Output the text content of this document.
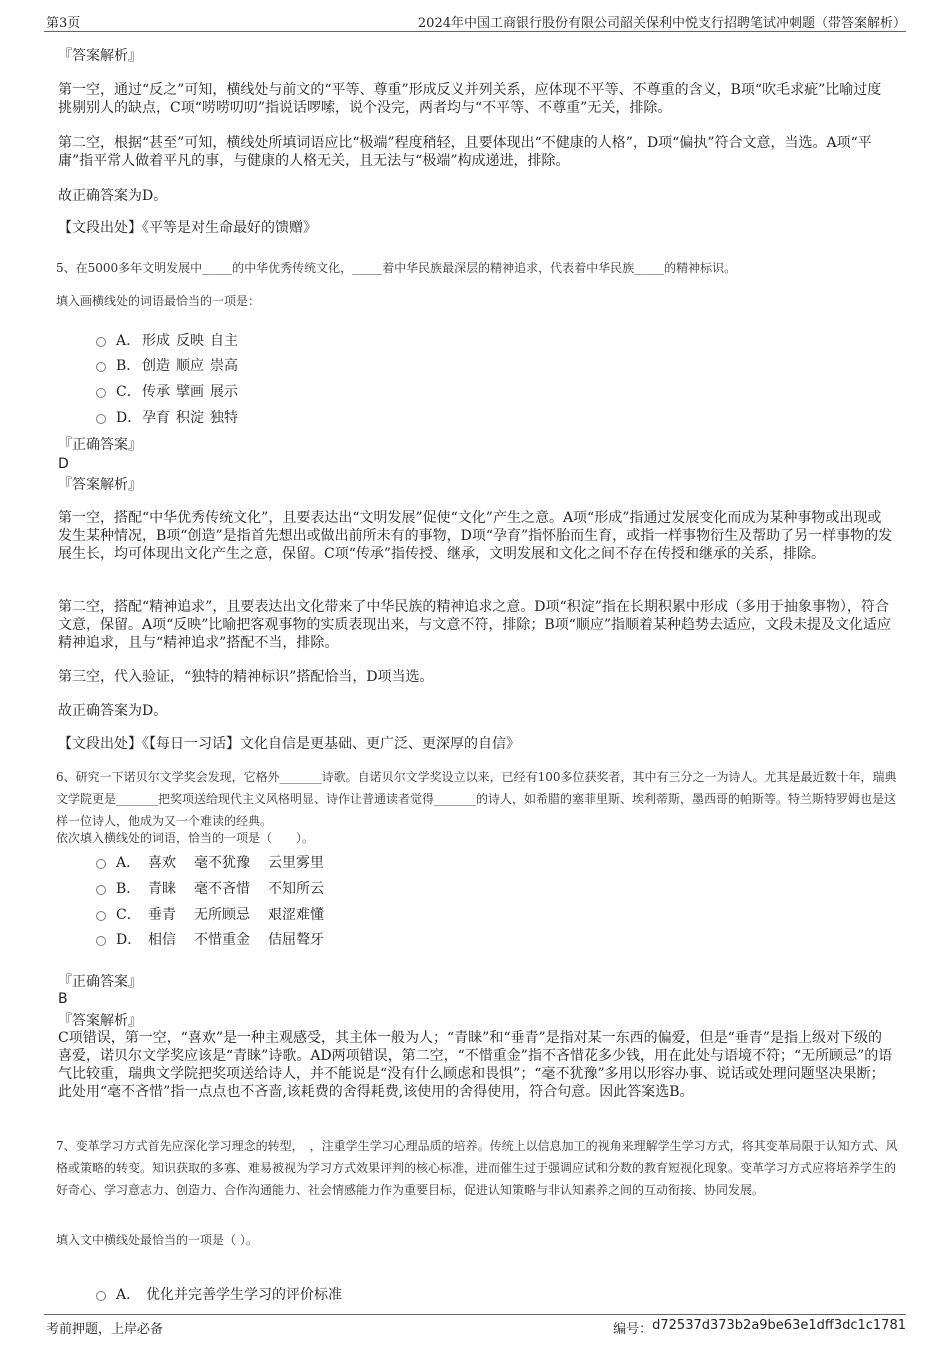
第3页	2024年中国工商银行股份有限公司韶关保利中悦支行招聘笔试冲刺题（带答案解析）
『答案解析』
第一空，通过“反之”可知，横线处与前文的“平等、尊重”形成反义并列关系，应体现不平等、不尊重的含义，B项“吹毛求疵”比喻过度挑剔别人的缺点，C项“唠唠叨叨”指说话啰嗦，说个没完，两者均与“不平等、不尊重”无关，排除。
第二空，根据“甚至”可知，横线处所填词语应比“极端”程度稍轻，且要体现出“不健康的人格”，D项“偏执”符合文意，当选。A项“平庸”指平常人做着平凡的事，与健康的人格无关，且无法与“极端”构成递进，排除。
故正确答案为D。
【文段出处】《平等是对生命最好的馈赠》
5、在5000多年文明发展中_____的中华优秀传统文化，_____着中华民族最深层的精神追求，代表着中华民族_____的精神标识。
填入画横线处的词语最恰当的一项是：
A． 形成 反映 自主
B． 创造 顺应 崇高
C． 传承 擘画 展示
D． 孕育 积淀 独特
『正确答案』
D
『答案解析』
第一空，搭配“中华优秀传统文化”，且要表达出“文明发展”促使“文化”产生之意。A项“形成”指通过发展变化而成为某种事物或出现或发生某种情况，B项“创造”是指首先想出或做出前所未有的事物，D项“孕育”指怀胎而生育，或指一样事物衍生及帮助了另一样事物的发展生长，均可体现出文化产生之意，保留。C项“传承”指传授、继承，文明发展和文化之间不存在传授和继承的关系，排除。
第二空，搭配“精神追求”，且要表达出文化带来了中华民族的精神追求之意。D项“积淀”指在长期积累中形成（多用于抽象事物），符合文意，保留。A项“反映”比喻把客观事物的实质表现出来，与文意不符，排除；B项“顺应”指顺着某种趋势去适应，文段未提及文化适应精神追求，且与“精神追求”搭配不当，排除。
第三空，代入验证，“独特的精神标识”搭配恰当，D项当选。
故正确答案为D。
【文段出处】《【每日一习话】文化自信是更基础、更广泛、更深厚的自信》
6、研究一下诺贝尔文学奖会发现，它格外_______诗歌。自诺贝尔文学奖设立以来，已经有100多位获奖者，其中有三分之一为诗人。尤其是最近数十年，瑞典文学院更是_______把奖项送给现代主义风格明显、诗作让普通读者觉得_______的诗人，如希腊的塞菲里斯、埃利蒂斯，墨西哥的帕斯等。特兰斯特罗姆也是这样一位诗人，他成为又一个难读的经典。
依次填入横线处的词语，恰当的一项是（　　）。
A． 喜欢 毫不犹豫 云里雾里
B． 青睐 毫不吝惜 不知所云
C． 垂青 无所顾忌 艰涩难懂
D． 相信 不惜重金 佶屈聱牙
『正确答案』
B
『答案解析』
C项错误，第一空，“喜欢”是一种主观感受，其主体一般为人；“青睐”和“垂青”是指对某一东西的偏爱，但是“垂青”是指上级对下级的喜爱，诺贝尔文学奖应该是“青睐”诗歌。AD两项错误，第二空，“不惜重金”指不吝惜花多少钱，用在此处与语境不符；“无所顾忌”的语气比较重，瑞典文学院把奖项送给诗人，并不能说是“没有什么顾虑和畏惧”；“毫不犹豫”多用以形容办事、说话或处理问题坚决果断；此处用“毫不吝惜”指一点点也不吝啬,该耗费的舍得耗费,该使用的舍得使用，符合句意。因此答案选B。
7、变革学习方式首先应深化学习理念的转型，　，注重学生学习心理品质的培养。传统上以信息加工的视角来理解学生学习方式，将其变革局限于认知方式、风格或策略的转变。知识获取的多寡、难易被视为学习方式效果评判的核心标准，进而催生过于强调应试和分数的教育短视化现象。变革学习方式应将培养学生的好奇心、学习意志力、创造力、合作沟通能力、社会情感能力作为重要目标，促进认知策略与非认知素养之间的互动衔接、协同发展。
填入文中横线处最恰当的一项是（ ）。
A． 优化并完善学生学习的评价标准
考前押题，上岸必备	编号： d72537d373b2a9be63e1dff3dc1c1781
